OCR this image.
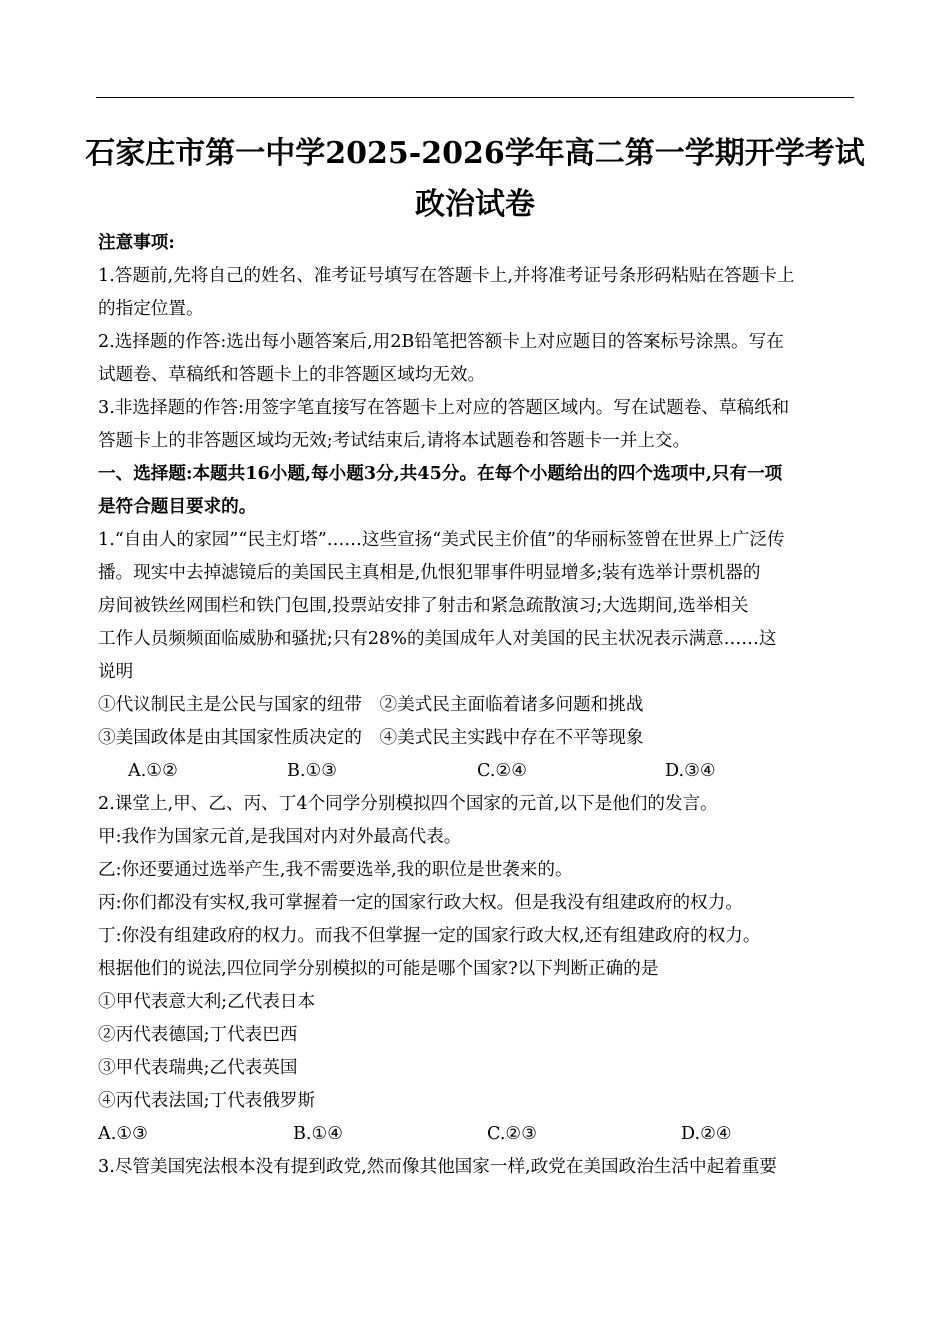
石家庄市第一中学2025-2026学年高二第一学期开学考试
政治试卷
注意事项:
1.答题前,先将自己的姓名、准考证号填写在答题卡上,并将准考证号条形码粘贴在答题卡上
的指定位置。
2.选择题的作答:选出每小题答案后,用2B铅笔把答额卡上对应题目的答案标号涂黑。写在
试题卷、草稿纸和答题卡上的非答题区域均无效。
3.非选择题的作答:用签字笔直接写在答题卡上对应的答题区域内。写在试题卷、草稿纸和
答题卡上的非答题区域均无效;考试结束后,请将本试题卷和答题卡一并上交。
一、选择题:本题共16小题,每小题3分,共45分。在每个小题给出的四个选项中,只有一项
是符合题目要求的。
1.“自由人的家园”“民主灯塔”……这些宣扬“美式民主价值”的华丽标签曾在世界上广泛传
播。现实中去掉滤镜后的美国民主真相是,仇恨犯罪事件明显增多;装有选举计票机器的
房间被铁丝网围栏和铁门包围,投票站安排了射击和紧急疏散演习;大选期间,选举相关
工作人员频频面临威胁和骚扰;只有28%的美国成年人对美国的民主状况表示满意……这
说明
①代议制民主是公民与国家的纽带　②美式民主面临着诸多问题和挑战
③美国政体是由其国家性质决定的　④美式民主实践中存在不平等现象
A.①②	B.①③	C.②④	D.③④
2.课堂上,甲、乙、丙、丁4个同学分别模拟四个国家的元首,以下是他们的发言。
甲:我作为国家元首,是我国对内对外最高代表。
乙:你还要通过选举产生,我不需要选举,我的职位是世袭来的。
丙:你们都没有实权,我可掌握着一定的国家行政大权。但是我没有组建政府的权力。
丁:你没有组建政府的权力。而我不但掌握一定的国家行政大权,还有组建政府的权力。
根据他们的说法,四位同学分别模拟的可能是哪个国家?以下判断正确的是
①甲代表意大利;乙代表日本
②丙代表德国;丁代表巴西
③甲代表瑞典;乙代表英国
④丙代表法国;丁代表俄罗斯
A.①③	B.①④	C.②③	D.②④
3.尽管美国宪法根本没有提到政党,然而像其他国家一样,政党在美国政治生活中起着重要
